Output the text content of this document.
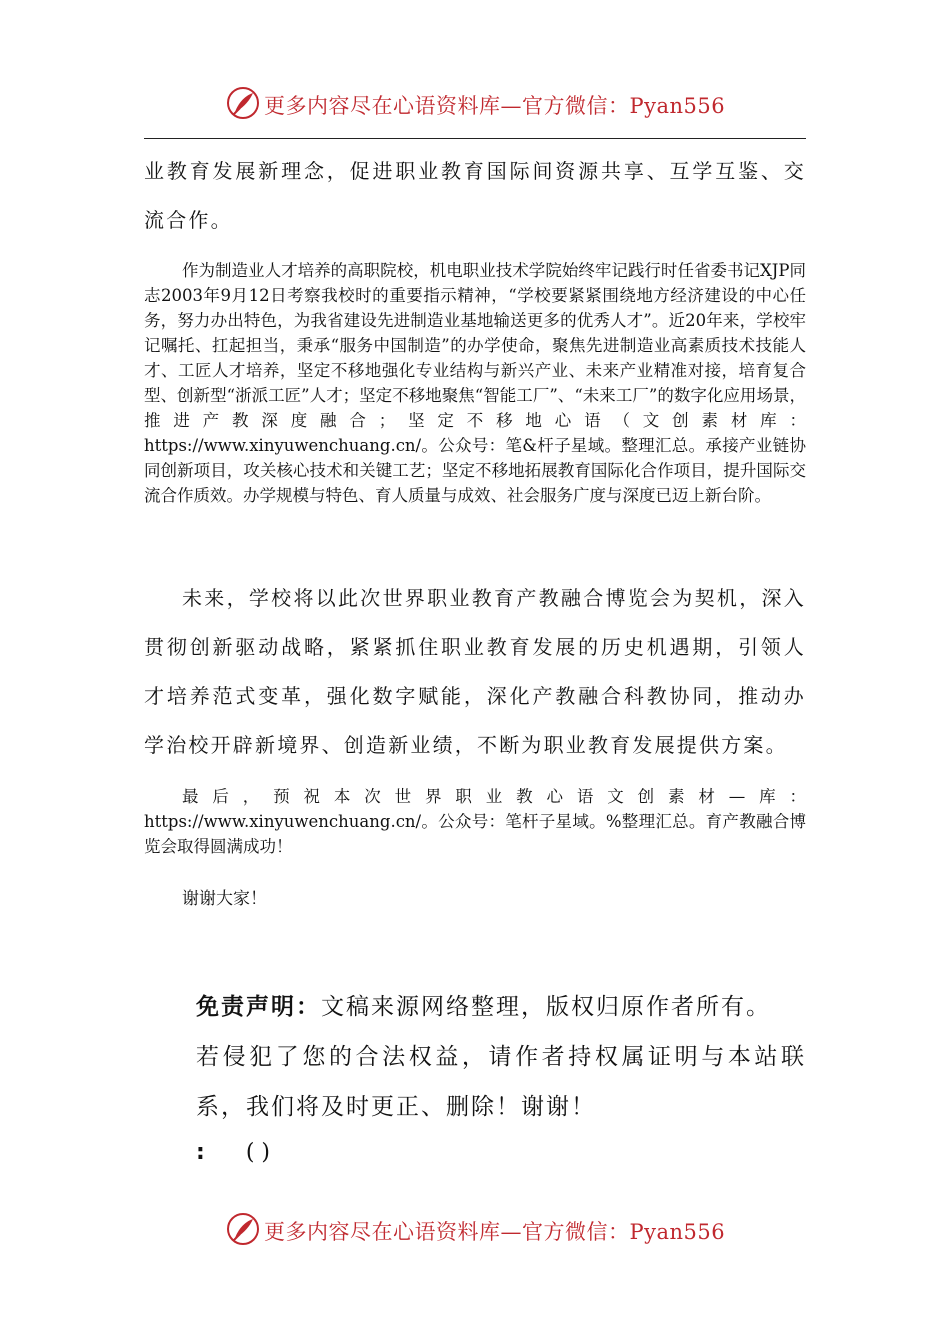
更多内容尽在心语资料库—官方微信：Pyan556

业教育发展新理念，促进职业教育国际间资源共享、互学互鉴、交流合作。

作为制造业人才培养的高职院校，机电职业技术学院始终牢记践行时任省委书记XJP同志2003年9月12日考察我校时的重要指示精神，“学校要紧紧围绕地方经济建设的中心任务，努力办出特色，为我省建设先进制造业基地输送更多的优秀人才”。近20年来，学校牢记嘱托、扛起担当，秉承“服务中国制造”的办学使命，聚焦先进制造业高素质技术技能人才、工匠人才培养，坚定不移地强化专业结构与新兴产业、未来产业精准对接，培育复合型、创新型“浙派工匠”人才；坚定不移地聚焦“智能工厂”、“未来工厂”的数字化应用场景，推进产教深度融合；坚定不移地心语（文创素材库：https://www.xinyuwenchuang.cn/。公众号：笔&杆子星域。整理汇总。承接产业链协同创新项目，攻关核心技术和关键工艺；坚定不移地拓展教育国际化合作项目，提升国际交流合作质效。办学规模与特色、育人质量与成效、社会服务广度与深度已迈上新台阶。

未来，学校将以此次世界职业教育产教融合博览会为契机，深入贯彻创新驱动战略，紧紧抓住职业教育发展的历史机遇期，引领人才培养范式变革，强化数字赋能，深化产教融合科教协同，推动办学治校开辟新境界、创造新业绩，不断为职业教育发展提供方案。

最后，预祝本次世界职业教心语文创素材—库：https://www.xinyuwenchuang.cn/。公众号：笔杆子星域。%整理汇总。育产教融合博览会取得圆满成功！

谢谢大家！

免责声明：文稿来源网络整理，版权归原作者所有。
若侵犯了您的合法权益，请作者持权属证明与本站联系，我们将及时更正、删除！谢谢！
: ( )
更多内容尽在心语资料库—官方微信：Pyan556
